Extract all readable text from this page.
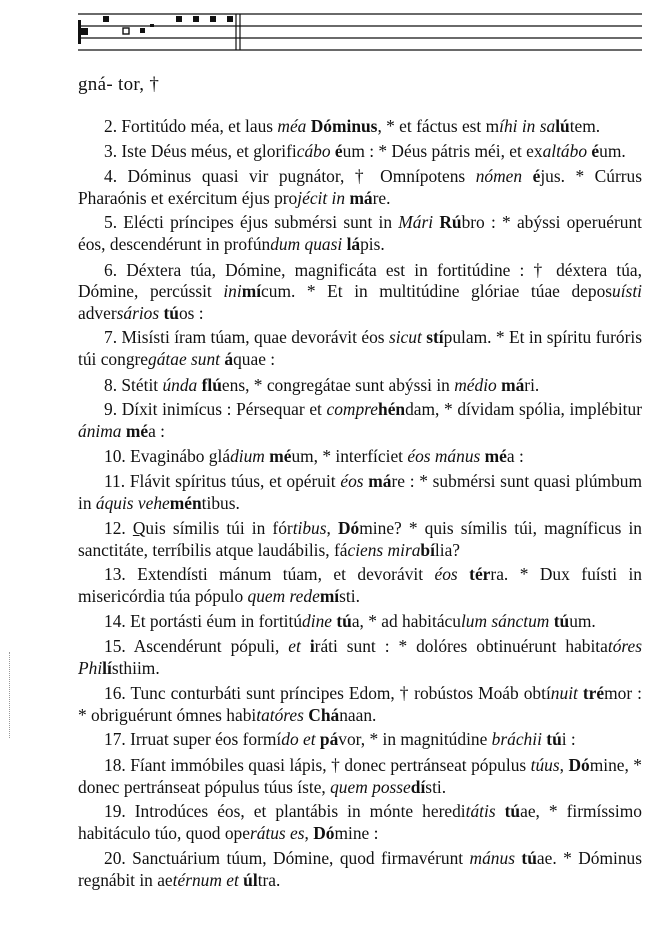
gná- tor, †

2. Fortitúdo méa, et laus méa Dóminus, * et fáctus est míhi in salútem.

3. Iste Déus méus, et glorificábo éum : * Déus pátris méi, et exaltábo éum.

4. Dóminus quasi vir pugnátor, † Omnípotens nómen éjus. * Cúrrus Pharaónis et exércitum éjus projécit in máre.

5. Elécti príncipes éjus submérsi sunt in Mári Rúbro : * abýssi operuérunt éos, descendérunt in profúndum quasi lápis.

6. Déxtera túa, Dómine, magnificáta est in fortitúdine : † déxtera túa, Dómine, percússit inimícum. * Et in multitúdine glóriae túae deposuísti adversários túos :

7. Misísti íram túam, quae devorávit éos sicut stípulam. * Et in spíritu furóris túi congregátae sunt áquae :

8. Stétit únda flúens, * congregátae sunt abýssi in médio mári.

9. Díxit inimícus : Pérsequar et comprehéndam, * dívidam spólia, implébitur ánima méa :

10. Evaginábo gládium méum, * interfíciet éos mánus méa :

11. Flávit spíritus túus, et opéruit éos máre : * submérsi sunt quasi plúmbum in áquis veheméntibus.

12. Quis símilis túi in fórtibus, Dómine? * quis símilis túi, magníficus in sanctitáte, terríbilis atque laudábilis, fáciens mirabília?

13. Extendísti mánum túam, et devorávit éos térra. * Dux fuísti in misericórdia túa pópulo quem redemísti.

14. Et portásti éum in fortitúdine túa, * ad habitáculum sánctum túum.

15. Ascendérunt pópuli, et iráti sunt : * dolóres obtinuérunt habitatóres Philísthiim.

16. Tunc conturbáti sunt príncipes Edom, † robústos Moáb obtínuit trémor : * obriguérunt ómnes habitatóres Chánaan.

17. Irruat super éos formído et pávor, * in magnitúdine bráchii túi :

18. Fíant immóbiles quasi lápis, † donec pertránseat pópulus túus, Dómine, * donec pertránseat pópulus túus íste, quem possedísti.

19. Introdúces éos, et plantábis in mónte hereditátis túae, * firmíssimo habitáculo túo, quod operátus es, Dómine :

20. Sanctuárium túum, Dómine, quod firmavérunt mánus túae. * Dóminus regnábit in aetérnum et últra.
